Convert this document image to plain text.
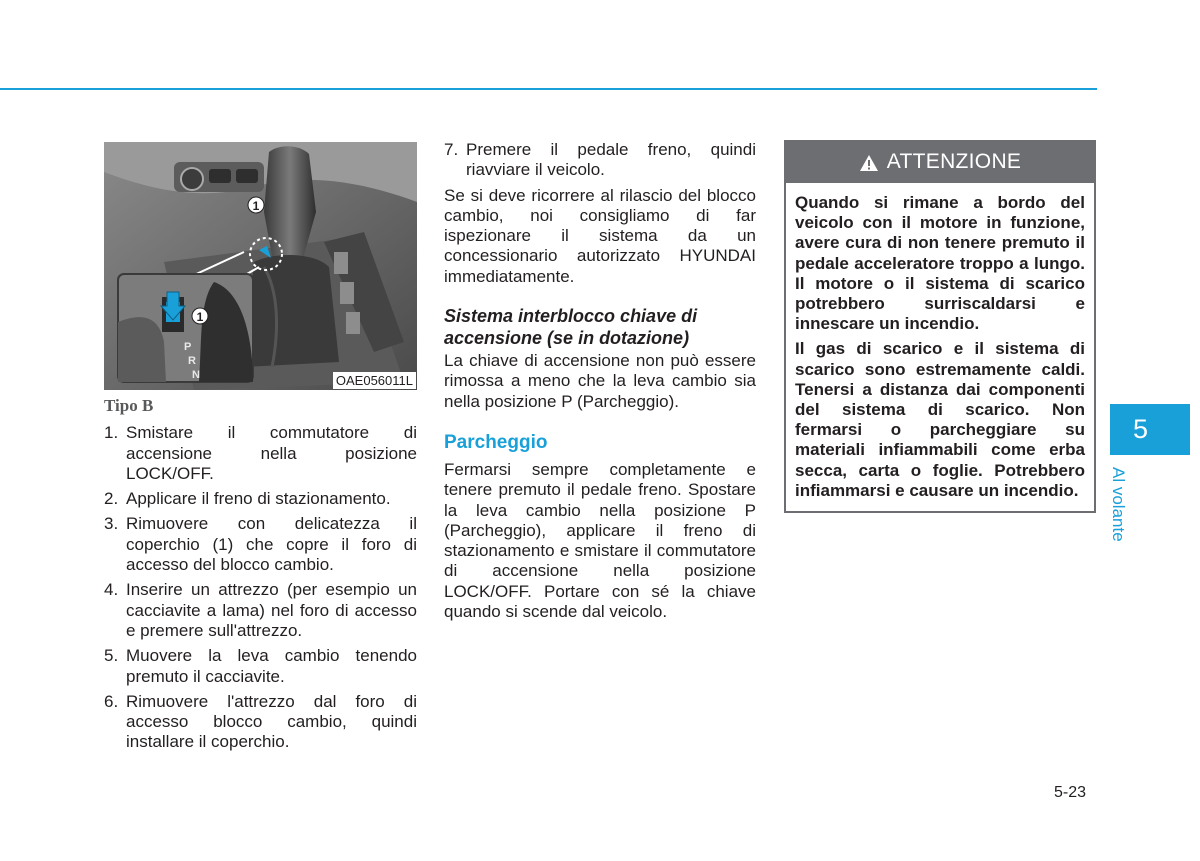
1
1
P
R
N	OAE056011L
Tipo B
1. Smistare il commutatore di accensione nella posizione LOCK/OFF.
2. Applicare il freno di stazionamento.
3. Rimuovere con delicatezza il coperchio (1) che copre il foro di accesso del blocco cambio.
4. Inserire un attrezzo (per esempio un cacciavite a lama) nel foro di accesso e premere sull'attrezzo.
5. Muovere la leva cambio tenendo premuto il cacciavite.
6. Rimuovere l'attrezzo dal foro di accesso blocco cambio, quindi installare il coperchio.
7. Premere il pedale freno, quindi riavviare il veicolo.

Se si deve ricorrere al rilascio del blocco cambio, noi consigliamo di far ispezionare il sistema da un concessionario autorizzato HYUNDAI immediatamente.

Sistema interblocco chiave di accensione (se in dotazione)

La chiave di accensione non può essere rimossa a meno che la leva cambio sia nella posizione P (Parcheggio).

Parcheggio

Fermarsi sempre completamente e tenere premuto il pedale freno. Spostare la leva cambio nella posizione P (Parcheggio), applicare il freno di stazionamento e smistare il commutatore di accensione nella posizione LOCK/OFF. Portare con sé la chiave quando si scende dal veicolo.

ATTENZIONE

Quando si rimane a bordo del veicolo con il motore in funzione, avere cura di non tenere premuto il pedale acceleratore troppo a lungo. Il motore o il sistema di scarico potrebbero surriscaldarsi e innescare un incendio.

Il gas di scarico e il sistema di scarico sono estremamente caldi. Tenersi a distanza dai componenti del sistema di scarico. Non fermarsi o parcheggiare su materiali infiammabili come erba secca, carta o foglie. Potrebbero infiammarsi e causare un incendio.

5
Al volante
5-23
